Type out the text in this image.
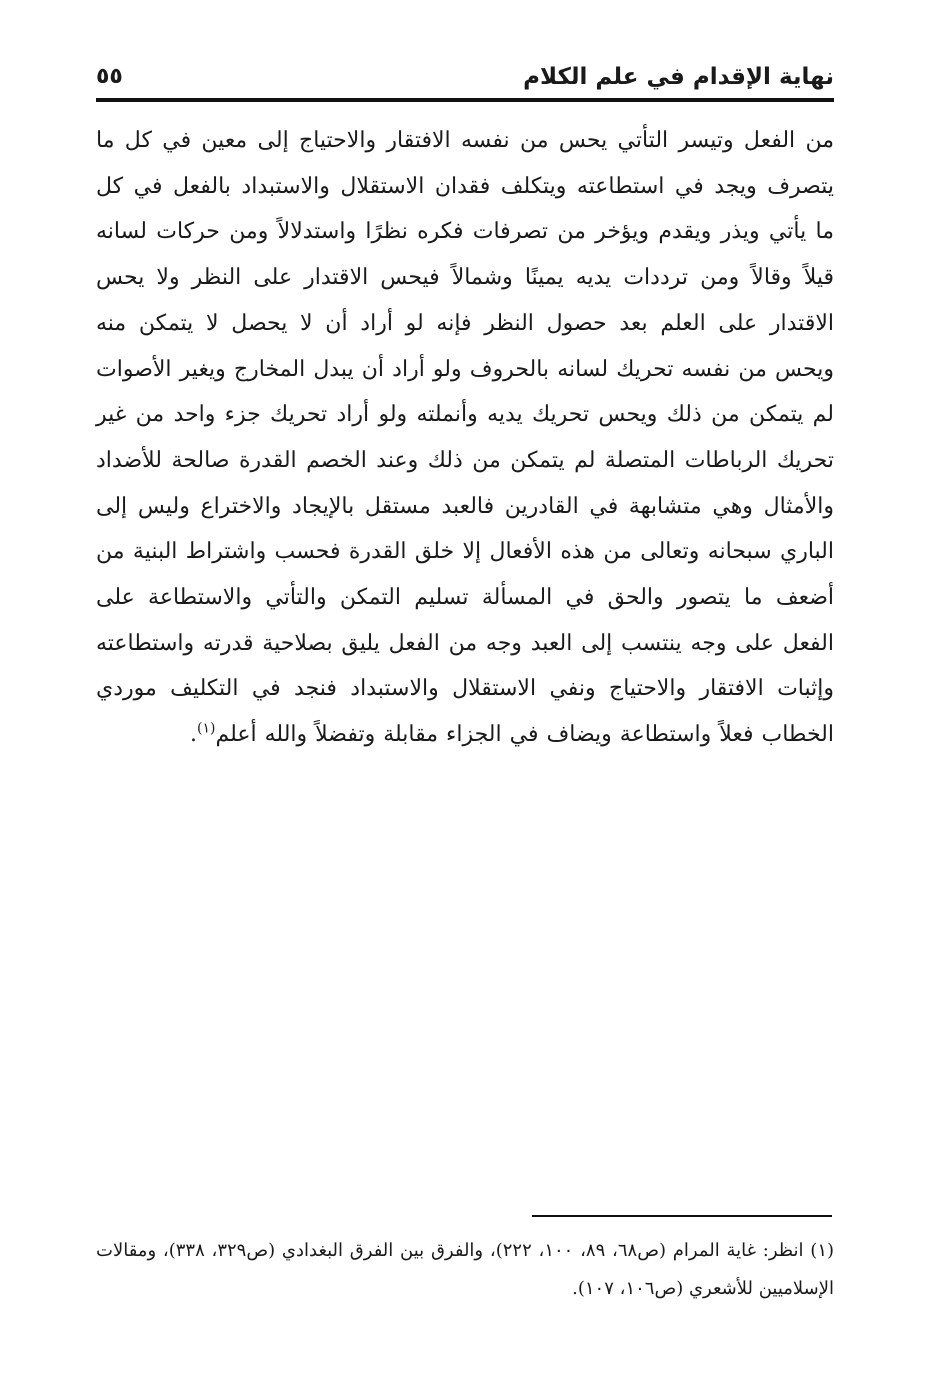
نهاية الإقدام في علم الكلام
٥٥

من الفعل وتيسر التأتي يحس من نفسه الافتقار والاحتياج إلى معين في كل ما يتصرف ويجد في استطاعته ويتكلف فقدان الاستقلال والاستبداد بالفعل في كل ما يأتي ويذر ويقدم ويؤخر من تصرفات فكره نظرًا واستدلالاً ومن حركات لسانه قيلاً وقالاً ومن ترددات يديه يمينًا وشمالاً فيحس الاقتدار على النظر ولا يحس الاقتدار على العلم بعد حصول النظر فإنه لو أراد أن لا يحصل لا يتمكن منه ويحس من نفسه تحريك لسانه بالحروف ولو أراد أن يبدل المخارج ويغير الأصوات لم يتمكن من ذلك ويحس تحريك يديه وأنملته ولو أراد تحريك جزء واحد من غير تحريك الرباطات المتصلة لم يتمكن من ذلك وعند الخصم القدرة صالحة للأضداد والأمثال وهي متشابهة في القادرين فالعبد مستقل بالإيجاد والاختراع وليس إلى الباري سبحانه وتعالى من هذه الأفعال إلا خلق القدرة فحسب واشتراط البنية من أضعف ما يتصور والحق في المسألة تسليم التمكن والتأتي والاستطاعة على الفعل على وجه ينتسب إلى العبد وجه من الفعل يليق بصلاحية قدرته واستطاعته وإثبات الافتقار والاحتياج ونفي الاستقلال والاستبداد فنجد في التكليف موردي الخطاب فعلاً واستطاعة ويضاف في الجزاء مقابلة وتفضلاً والله أعلم$^{(١)}$.

(١) انظر: غاية المرام (ص٦٨، ٨٩، ١٠٠، ٢٢٢)، والفرق بين الفرق البغدادي (ص٣٢٩، ٣٣٨)، ومقالات الإسلاميين للأشعري (ص١٠٦، ١٠٧).
